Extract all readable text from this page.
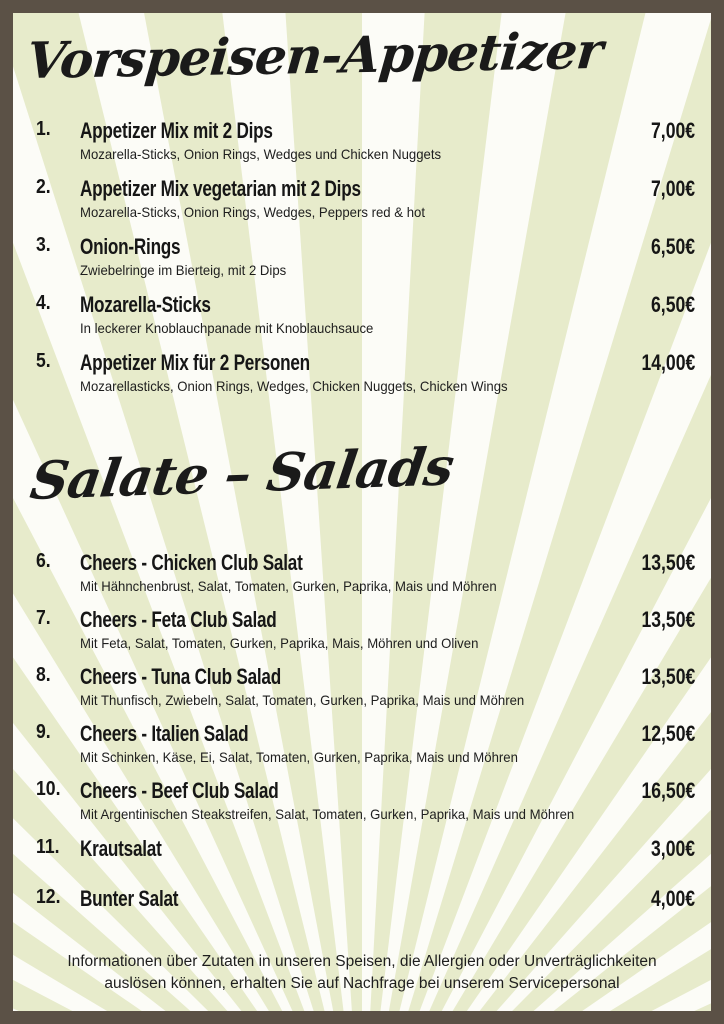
Vorspeisen-Appetizer
1. Appetizer Mix mit 2 Dips	7,00€
Mozarella-Sticks, Onion Rings, Wedges und Chicken Nuggets
2. Appetizer Mix vegetarian mit 2 Dips	7,00€
Mozarella-Sticks, Onion Rings, Wedges, Peppers red & hot
3. Onion-Rings	6,50€
Zwiebelringe im Bierteig, mit 2 Dips
4. Mozarella-Sticks	6,50€
In leckerer Knoblauchpanade mit Knoblauchsauce
5. Appetizer Mix für 2 Personen	14,00€
Mozarellasticks, Onion Rings, Wedges, Chicken Nuggets, Chicken Wings
Salate – Salads
6. Cheers - Chicken Club Salat	13,50€
Mit Hähnchenbrust, Salat, Tomaten, Gurken, Paprika, Mais und Möhren
7. Cheers - Feta Club Salad	13,50€
Mit Feta, Salat, Tomaten, Gurken, Paprika, Mais, Möhren und Oliven
8. Cheers - Tuna Club Salad	13,50€
Mit Thunfisch, Zwiebeln, Salat, Tomaten, Gurken, Paprika, Mais und Möhren
9. Cheers - Italien Salad	12,50€
Mit Schinken, Käse, Ei, Salat, Tomaten, Gurken, Paprika, Mais und Möhren
10. Cheers - Beef Club Salad	16,50€
Mit Argentinischen Steakstreifen, Salat, Tomaten, Gurken, Paprika, Mais und Möhren
11. Krautsalat	3,00€
12. Bunter Salat	4,00€
Informationen über Zutaten in unseren Speisen, die Allergien oder Unverträglichkeiten
auslösen können, erhalten Sie auf Nachfrage bei unserem Servicepersonal
